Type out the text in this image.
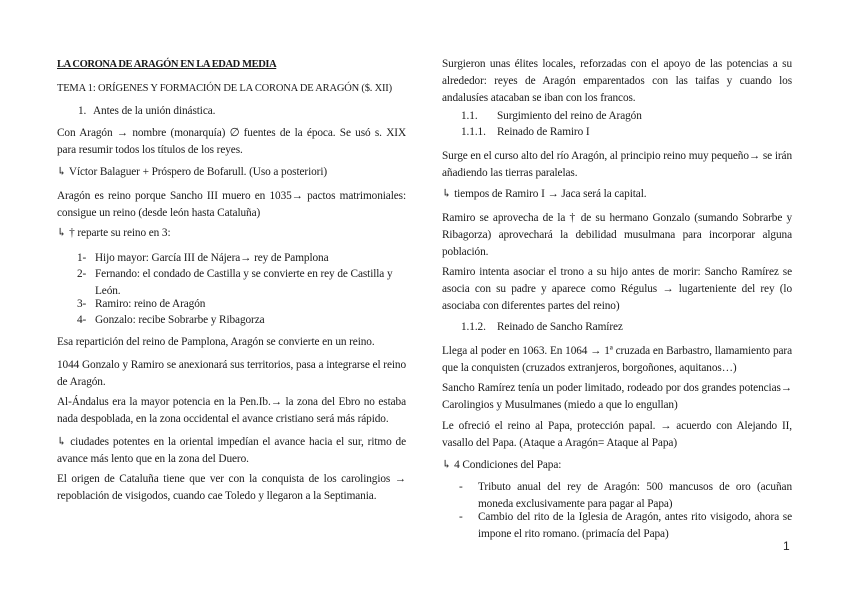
LA CORONA DE ARAGÓN EN LA EDAD MEDIA
TEMA 1: ORÍGENES Y FORMACIÓN DE LA CORONA DE ARAGÓN ($. XII)
1. Antes de la unión dinástica.
Con Aragón → nombre (monarquía) ∅ fuentes de la época. Se usó s. XIX para resumir todos los títulos de los reyes.
↳ Víctor Balaguer + Próspero de Bofarull. (Uso a posteriori)
Aragón es reino porque Sancho III muero en 1035→ pactos matrimoniales: consigue un reino (desde león hasta Cataluña)
↳ † reparte su reino en 3:
1- Hijo mayor: García III de Nájera→ rey de Pamplona
2- Fernando: el condado de Castilla y se convierte en rey de Castilla y León.
3- Ramiro: reino de Aragón
4- Gonzalo: recibe Sobrarbe y Ribagorza
Esa repartición del reino de Pamplona, Aragón se convierte en un reino.
1044 Gonzalo y Ramiro se anexionará sus territorios, pasa a integrarse el reino de Aragón.
Al-Ándalus era la mayor potencia en la Pen.Ib.→ la zona del Ebro no estaba nada despoblada, en la zona occidental el avance cristiano será más rápido.
↳ ciudades potentes en la oriental impedían el avance hacia el sur, ritmo de avance más lento que en la zona del Duero.
El origen de Cataluña tiene que ver con la conquista de los carolingios → repoblación de visigodos, cuando cae Toledo y llegaron a la Septimania.
Surgieron unas élites locales, reforzadas con el apoyo de las potencias a su alrededor: reyes de Aragón emparentados con las taifas y cuando los andalusíes atacaban se iban con los francos.
1.1. Surgimiento del reino de Aragón
1.1.1. Reinado de Ramiro I
Surge en el curso alto del río Aragón, al principio reino muy pequeño→ se irán añadiendo las tierras paralelas.
↳ tiempos de Ramiro I → Jaca será la capital.
Ramiro se aprovecha de la † de su hermano Gonzalo (sumando Sobrarbe y Ribagorza) aprovechará la debilidad musulmana para incorporar alguna población.
Ramiro intenta asociar el trono a su hijo antes de morir: Sancho Ramírez se asocia con su padre y aparece como Régulus → lugarteniente del rey (lo asociaba con diferentes partes del reino)
1.1.2. Reinado de Sancho Ramírez
Llega al poder en 1063. En 1064 → 1ª cruzada en Barbastro, llamamiento para que la conquisten (cruzados extranjeros, borgoñones, aquitanos…)
Sancho Ramírez tenía un poder limitado, rodeado por dos grandes potencias→ Carolingios y Musulmanes (miedo a que lo engullan)
Le ofreció el reino al Papa, protección papal. → acuerdo con Alejando II, vasallo del Papa. (Ataque a Aragón= Ataque al Papa)
↳ 4 Condiciones del Papa:
- Tributo anual del rey de Aragón: 500 mancusos de oro (acuñan moneda exclusivamente para pagar al Papa)
- Cambio del rito de la Iglesia de Aragón, antes rito visigodo, ahora se impone el rito romano. (primacía del Papa)
1
